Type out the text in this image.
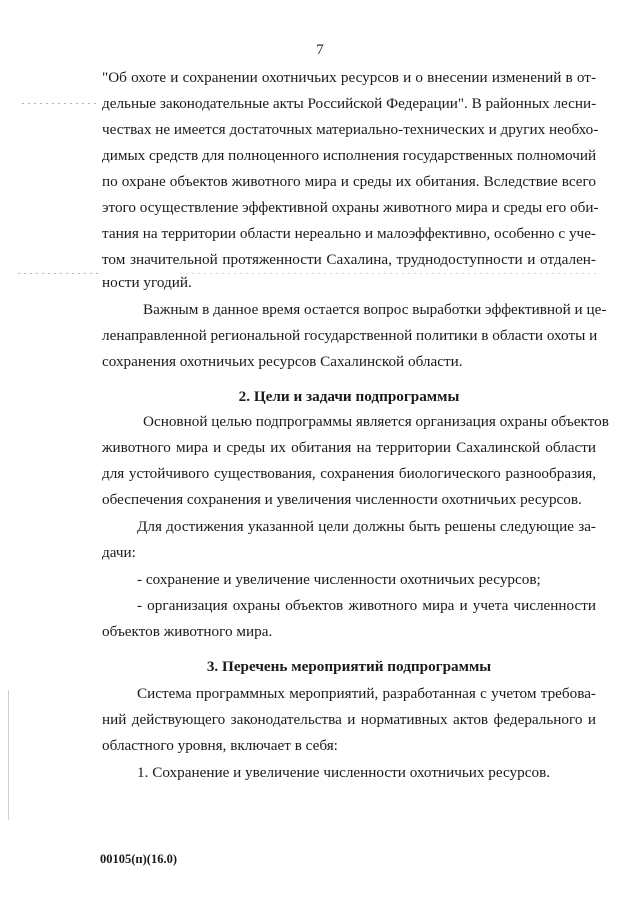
7
"Об охоте и сохранении охотничьих ресурсов и о внесении изменений в от-
дельные законодательные акты Российской Федерации". В районных лесни-
чествах не имеется достаточных материально-технических и других необхо-
димых средств для полноценного исполнения государственных полномочий
по охране объектов животного мира и среды их обитания. Вследствие всего
этого осуществление эффективной охраны животного мира и среды его оби-
тания на территории области нереально и малоэффективно, особенно с уче-
том значительной протяженности Сахалина, труднодоступности и отдален-
ности угодий.
Важным в данное время остается вопрос выработки эффективной и це-
ленаправленной региональной государственной политики в области охоты и
сохранения охотничьих ресурсов Сахалинской области.
2. Цели и задачи подпрограммы
Основной целью подпрограммы является организация охраны объектов
животного мира и среды их обитания на территории Сахалинской области
для устойчивого существования, сохранения биологического разнообразия,
обеспечения сохранения и увеличения численности охотничьих ресурсов.
Для достижения указанной цели должны быть решены следующие за-
дачи:
- сохранение и увеличение численности охотничьих ресурсов;
- организация охраны объектов животного мира и учета численности
объектов животного мира.
3. Перечень мероприятий подпрограммы
Система программных мероприятий, разработанная с учетом требова-
ний действующего законодательства и нормативных актов федерального и
областного уровня, включает в себя:
1. Сохранение и увеличение численности охотничьих ресурсов.
00105(п)(16.0)
